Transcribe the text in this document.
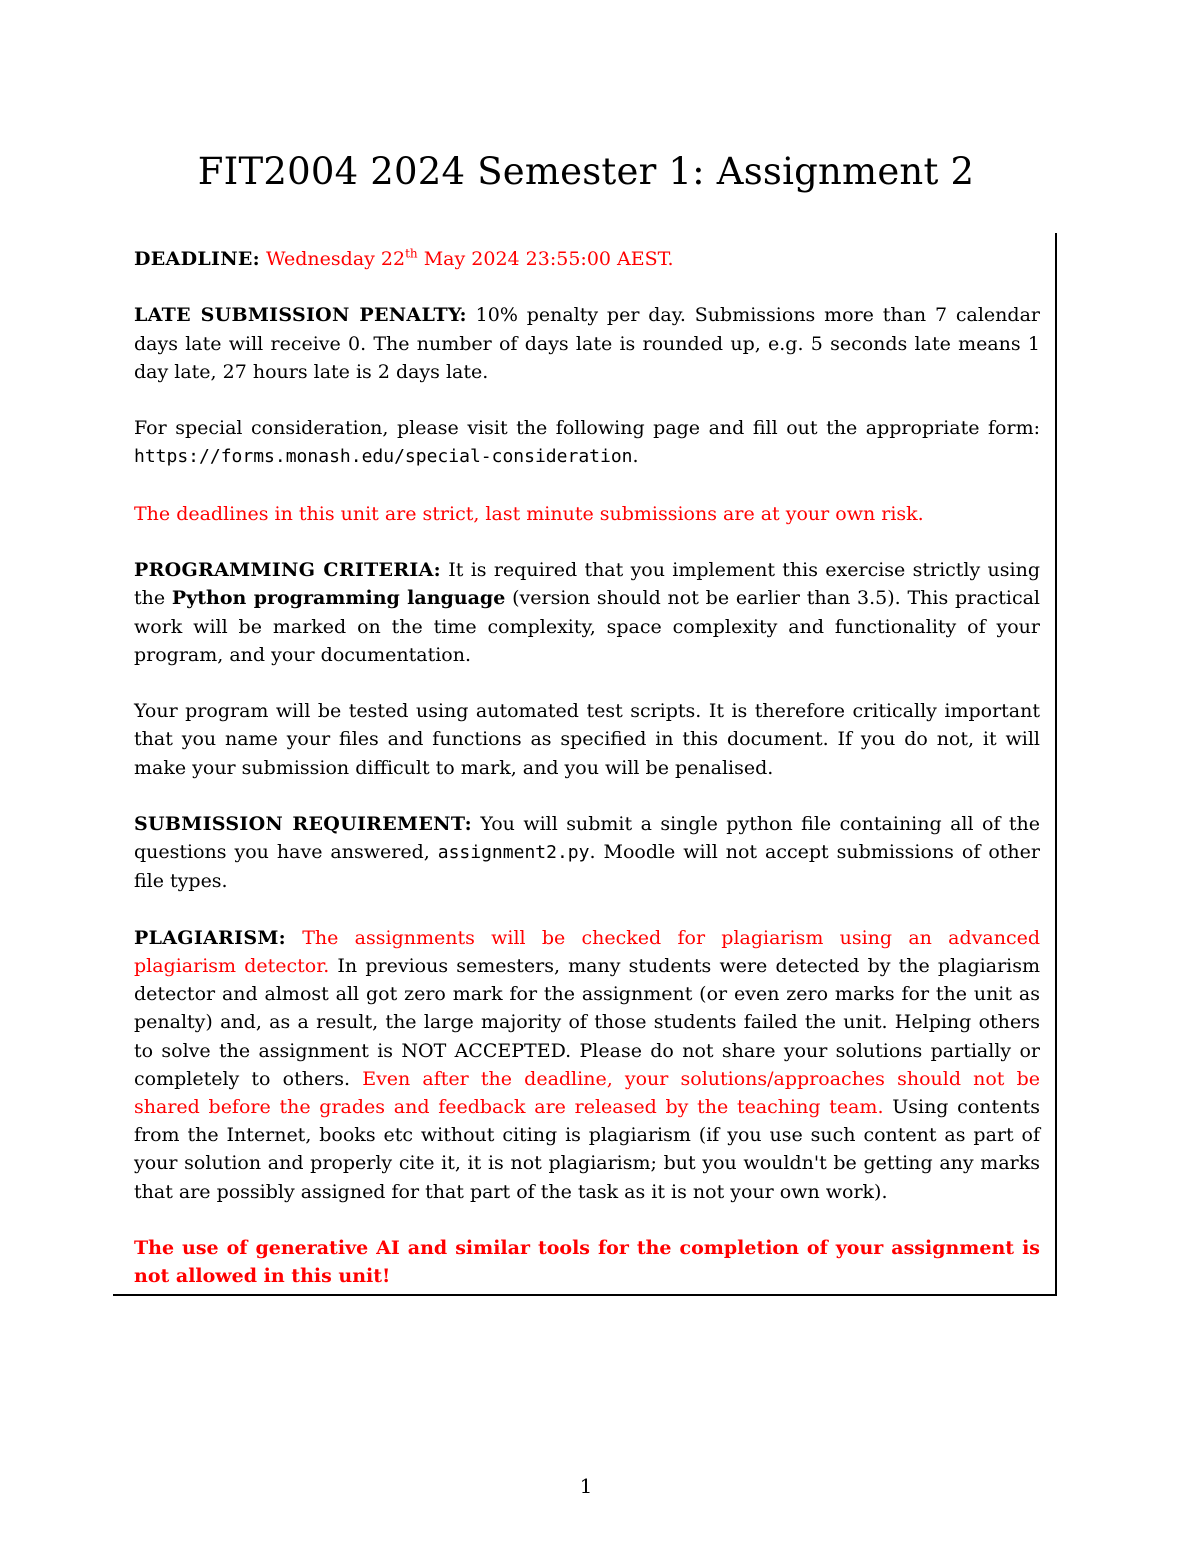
FIT2004 2024 Semester 1: Assignment 2

DEADLINE: Wednesday 22th May 2024 23:55:00 AEST.

LATE SUBMISSION PENALTY: 10% penalty per day. Submissions more than 7 calendar days late will receive 0. The number of days late is rounded up, e.g. 5 seconds late means 1 day late, 27 hours late is 2 days late.

For special consideration, please visit the following page and fill out the appropriate form: https://forms.monash.edu/special-consideration.

The deadlines in this unit are strict, last minute submissions are at your own risk.

PROGRAMMING CRITERIA: It is required that you implement this exercise strictly using the Python programming language (version should not be earlier than 3.5). This practical work will be marked on the time complexity, space complexity and functionality of your program, and your documentation.

Your program will be tested using automated test scripts. It is therefore critically important that you name your files and functions as specified in this document. If you do not, it will make your submission difficult to mark, and you will be penalised.

SUBMISSION REQUIREMENT: You will submit a single python file containing all of the questions you have answered, assignment2.py. Moodle will not accept submissions of other file types.

PLAGIARISM: The assignments will be checked for plagiarism using an advanced plagiarism detector. In previous semesters, many students were detected by the plagiarism detector and almost all got zero mark for the assignment (or even zero marks for the unit as penalty) and, as a result, the large majority of those students failed the unit. Helping others to solve the assignment is NOT ACCEPTED. Please do not share your solutions partially or completely to others. Even after the deadline, your solutions/approaches should not be shared before the grades and feedback are released by the teaching team. Using contents from the Internet, books etc without citing is plagiarism (if you use such content as part of your solution and properly cite it, it is not plagiarism; but you wouldn't be getting any marks that are possibly assigned for that part of the task as it is not your own work).

The use of generative AI and similar tools for the completion of your assignment is not allowed in this unit!

1
